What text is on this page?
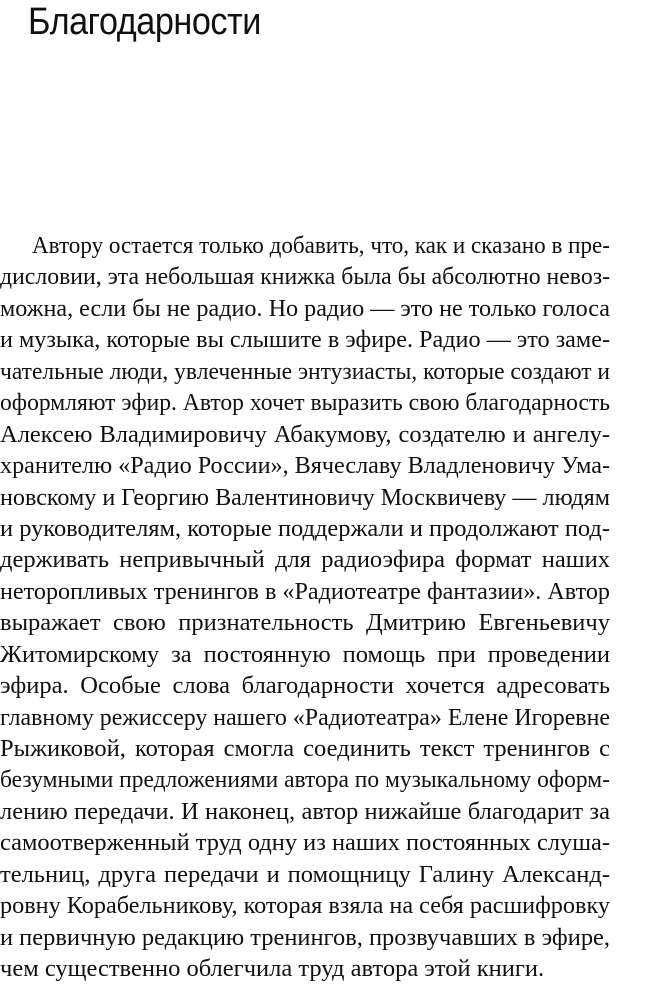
Благодарности
Автору остается только добавить, что, как и сказано в пре-
дисловии, эта небольшая книжка была бы абсолютно невоз-
можна, если бы не радио. Но радио — это не только голоса
и музыка, которые вы слышите в эфире. Радио — это заме-
чательные люди, увлеченные энтузиасты, которые создают и
оформляют эфир. Автор хочет выразить свою благодарность
Алексею Владимировичу Абакумову, создателю и ангелу-
хранителю «Радио России», Вячеславу Владленовичу Ума-
новскому и Георгию Валентиновичу Москвичеву — людям
и руководителям, которые поддержали и продолжают под-
держивать непривычный для радиоэфира формат наших
неторопливых тренингов в «Радиотеатре фантазии». Автор
выражает свою признательность Дмитрию Евгеньевичу
Житомирскому за постоянную помощь при проведении
эфира. Особые слова благодарности хочется адресовать
главному режиссеру нашего «Радиотеатра» Елене Игоревне
Рыжиковой, которая смогла соединить текст тренингов с
безумными предложениями автора по музыкальному оформ-
лению передачи. И наконец, автор нижайше благодарит за
самоотверженный труд одну из наших постоянных слуша-
тельниц, друга передачи и помощницу Галину Александ-
ровну Корабельникову, которая взяла на себя расшифровку
и первичную редакцию тренингов, прозвучавших в эфире,
чем существенно облегчила труд автора этой книги.
